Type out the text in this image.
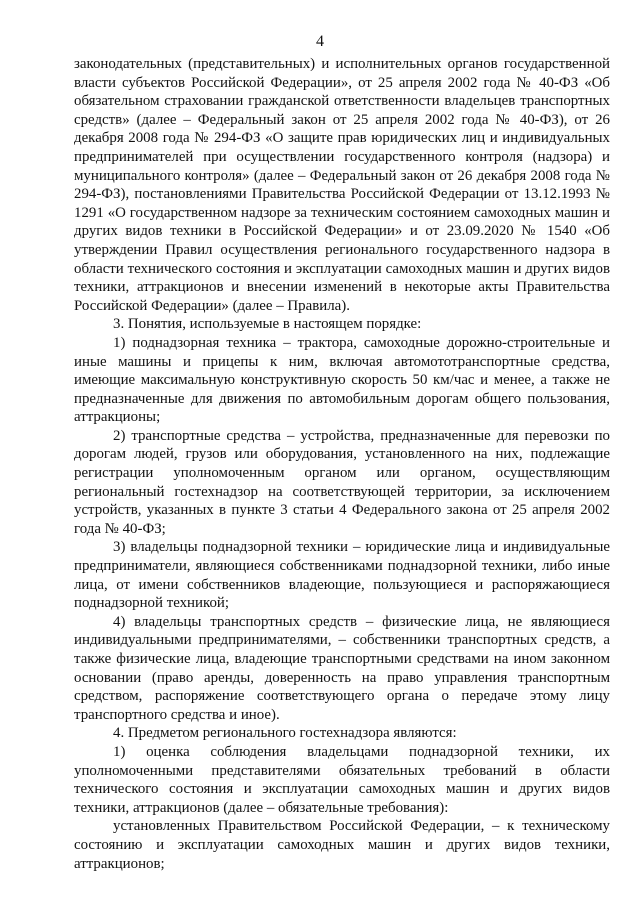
4

законодательных (представительных) и исполнительных органов государственной власти субъектов Российской Федерации», от 25 апреля 2002 года № 40-ФЗ «Об обязательном страховании гражданской ответственности владельцев транспортных средств» (далее – Федеральный закон от 25 апреля 2002 года № 40-ФЗ), от 26 декабря 2008 года № 294-ФЗ «О защите прав юридических лиц и индивидуальных предпринимателей при осуществлении государственного контроля (надзора) и муниципального контроля» (далее – Федеральный закон от 26 декабря 2008 года № 294-ФЗ), постановлениями Правительства Российской Федерации от 13.12.1993 № 1291 «О государственном надзоре за техническим состоянием самоходных машин и других видов техники в Российской Федерации» и от 23.09.2020 № 1540 «Об утверждении Правил осуществления регионального государственного надзора в области технического состояния и эксплуатации самоходных машин и других видов техники, аттракционов и внесении изменений в некоторые акты Правительства Российской Федерации» (далее – Правила).

3. Понятия, используемые в настоящем порядке:

1) поднадзорная техника – трактора, самоходные дорожно-строительные и иные машины и прицепы к ним, включая автомототранспортные средства, имеющие максимальную конструктивную скорость 50 км/час и менее, а также не предназначенные для движения по автомобильным дорогам общего пользования, аттракционы;

2) транспортные средства – устройства, предназначенные для перевозки по дорогам людей, грузов или оборудования, установленного на них, подлежащие регистрации уполномоченным органом или органом, осуществляющим региональный гостехнадзор на соответствующей территории, за исключением устройств, указанных в пункте 3 статьи 4 Федерального закона от 25 апреля 2002 года № 40-ФЗ;

3) владельцы поднадзорной техники – юридические лица и индивидуальные предприниматели, являющиеся собственниками поднадзорной техники, либо иные лица, от имени собственников владеющие, пользующиеся и распоряжающиеся поднадзорной техникой;

4) владельцы транспортных средств – физические лица, не являющиеся индивидуальными предпринимателями, – собственники транспортных средств, а также физические лица, владеющие транспортными средствами на ином законном основании (право аренды, доверенность на право управления транспортным средством, распоряжение соответствующего органа о передаче этому лицу транспортного средства и иное).

4. Предметом регионального гостехнадзора являются:

1) оценка соблюдения владельцами поднадзорной техники, их уполномоченными представителями обязательных требований в области технического состояния и эксплуатации самоходных машин и других видов техники, аттракционов (далее – обязательные требования):

установленных Правительством Российской Федерации, – к техническому состоянию и эксплуатации самоходных машин и других видов техники, аттракционов;
